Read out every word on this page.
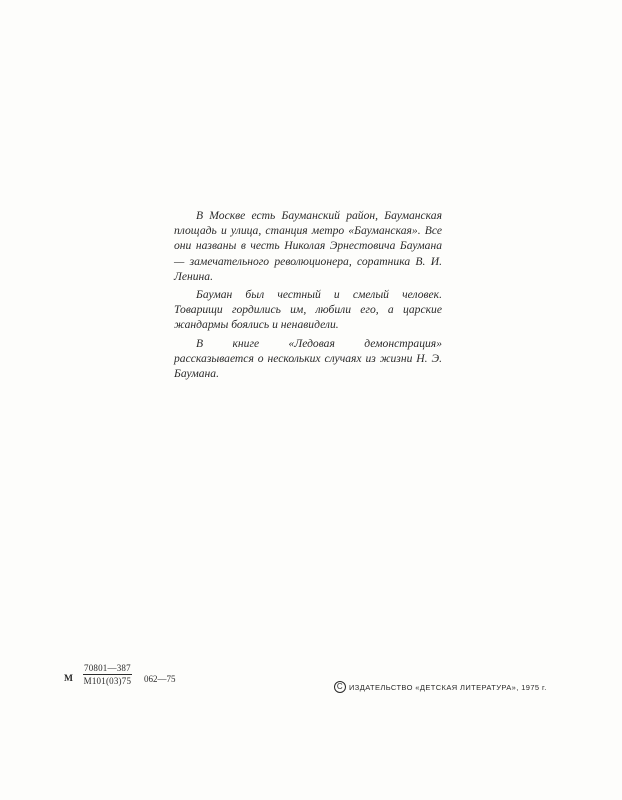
В Москве есть Бауманский район, Бауманская площадь и улица, станция метро «Бауманская». Все они названы в честь Николая Эрнестовича Баумана — замечательного революционера, соратника В. И. Ленина.

Бауман был честный и смелый человек. Товарищи гордились им, любили его, а царские жандармы боялись и ненавидели.

В книге «Ледовая демонстрация» рассказывается о нескольких случаях из жизни Н. Э. Баумана.

М
70801—387
М101(03)75 062—75
C ИЗДАТЕЛЬСТВО «ДЕТСКАЯ ЛИТЕРАТУРА», 1975 г.
